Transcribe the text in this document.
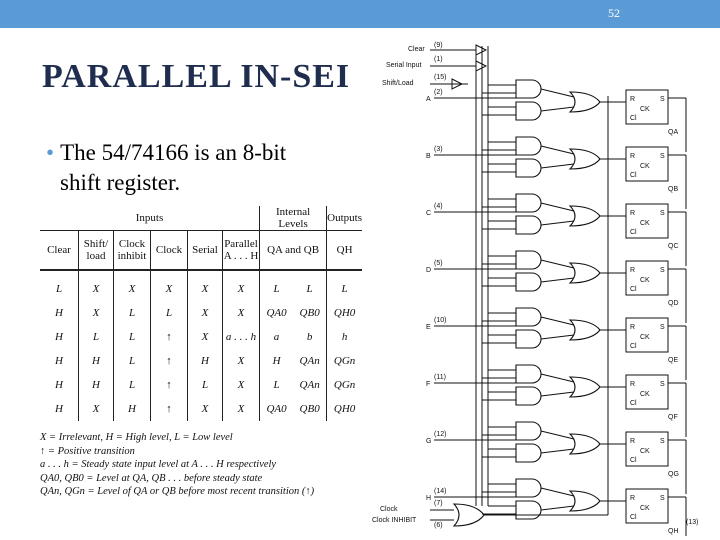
52
PARALLEL IN-SEI
• The 54/74166 is an 8-bit
shift register.
Inputs						Internal Levels		Outputs
Clear	Shift/ load	Clock inhibit	Clock	Serial	Parallel A . . . H	QA and QB		QH
L	X	X	X	X	X	L	L	L
H	X	L	L	X	X	QA0	QB0	QH0
H	L	L	↑	X	a . . . h	a	b	h
H	H	L	↑	H	X	H	QAn	QGn
H	H	L	↑	L	X	L	QAn	QGn
H	X	H	↑	X	X	QA0	QB0	QH0
X = Irrelevant, H = High level, L = Low level
↑ = Positive transition
a . . . h = Steady state input level at A . . . H respectively
QA0, QB0 = Level at QA, QB . . . before steady state
QAn, QGn = Level of QA or QB before most recent transition (↑)
Clear
(9)
Serial Input
(1)
Shift/Load
(15)
A
(2)
R	S
CK
Cl
QA
B
(3)
R	S
CK
Cl
QB
C
(4)
R	S
CK
Cl
QC
D
(5)
R	S
CK
Cl
QD
E
(10)
R	S
CK
Cl
QE
F
(11)
R	S
CK
Cl
QF
G
(12)
R	S
CK
Cl
QG
H
(14)
R	S
CK
Cl
QH
Clock
(7)
Clock INHIBIT
(6)	(13)
